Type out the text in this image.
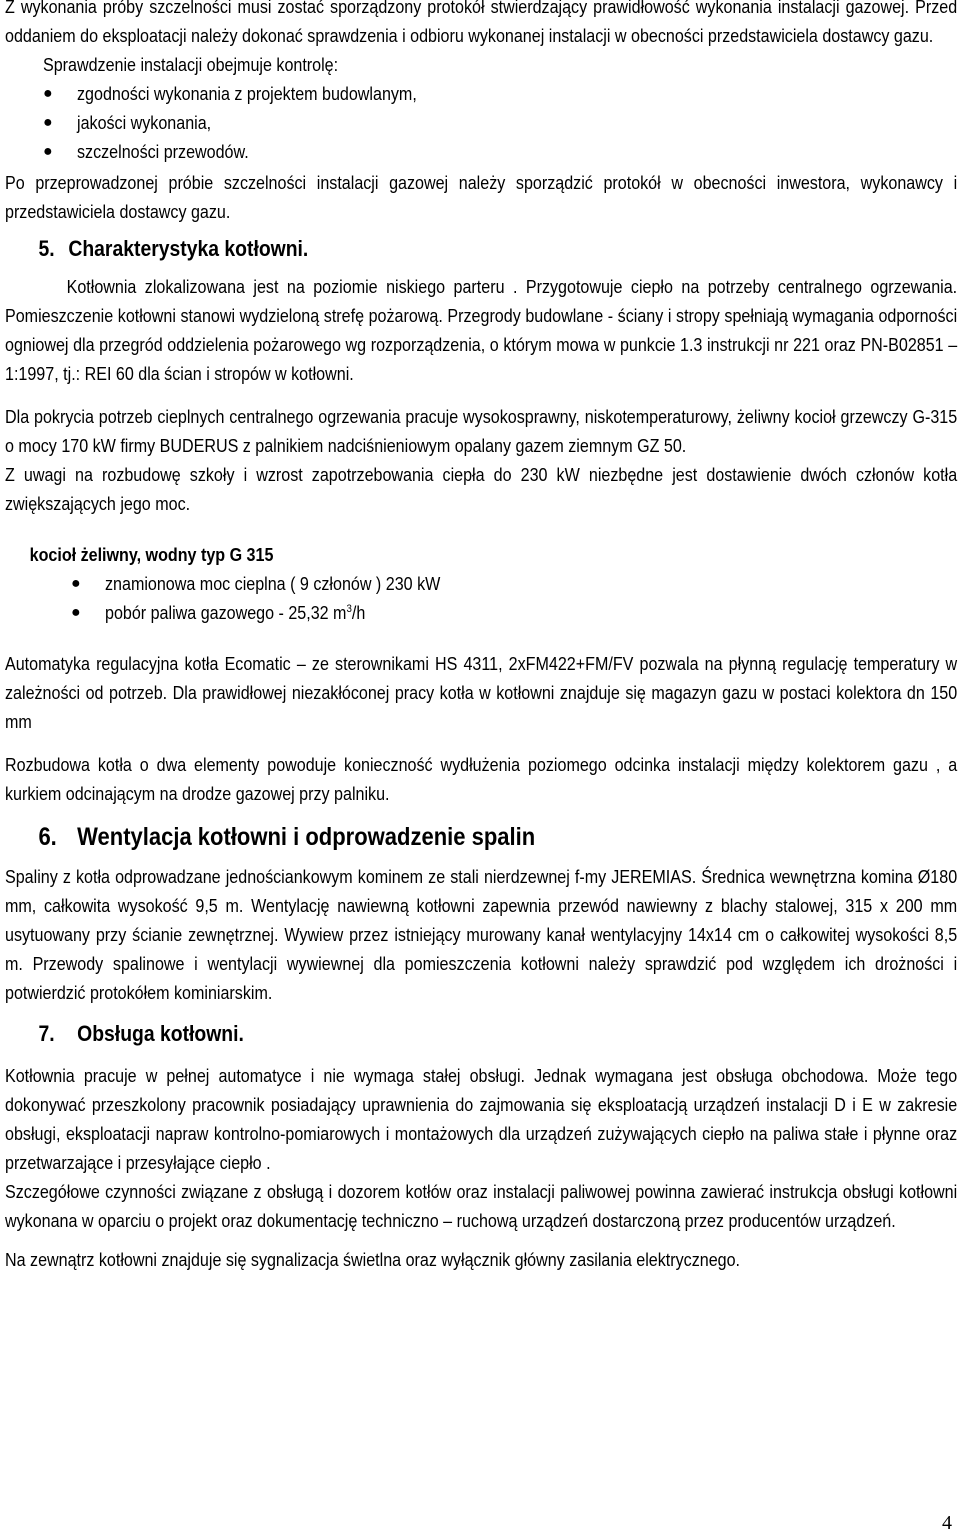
Z wykonania próby szczelności musi zostać sporządzony protokół stwierdzający prawidłowość wykonania instalacji gazowej. Przed oddaniem do eksploatacji należy dokonać sprawdzenia i odbioru wykonanej instalacji w obecności przedstawiciela dostawcy gazu.

Sprawdzenie instalacji obejmuje kontrolę:

● zgodności wykonania z projektem budowlanym,
● jakości wykonania,
● szczelności przewodów.

Po przeprowadzonej próbie szczelności instalacji gazowej należy sporządzić protokół w obecności inwestora, wykonawcy i przedstawiciela dostawcy gazu.

5. Charakterystyka kotłowni.

Kotłownia zlokalizowana jest na poziomie niskiego parteru . Przygotowuje ciepło na potrzeby centralnego ogrzewania. Pomieszczenie kotłowni stanowi wydzieloną strefę pożarową. Przegrody budowlane - ściany i stropy spełniają wymagania odporności ogniowej dla przegród oddzielenia pożarowego wg rozporządzenia, o którym mowa w punkcie 1.3 instrukcji nr 221 oraz PN-B02851 – 1:1997, tj.: REI 60 dla ścian i stropów w kotłowni.

Dla pokrycia potrzeb cieplnych centralnego ogrzewania pracuje wysokosprawny, niskotemperaturowy, żeliwny kocioł grzewczy G-315 o mocy 170 kW firmy BUDERUS z palnikiem nadciśnieniowym opalany gazem ziemnym GZ 50.

Z uwagi na rozbudowę szkoły i wzrost zapotrzebowania ciepła do 230 kW niezbędne jest dostawienie dwóch członów kotła zwiększających jego moc.

kocioł żeliwny, wodny typ G 315

● znamionowa moc cieplna ( 9 członów ) 230 kW
● pobór paliwa gazowego - 25,32 $m^3/h$

Automatyka regulacyjna kotła Ecomatic – ze sterownikami HS 4311, 2xFM422+FM/FV pozwala na płynną regulację temperatury w zależności od potrzeb. Dla prawidłowej niezakłóconej pracy kotła w kotłowni znajduje się magazyn gazu w postaci kolektora dn 150 mm

Rozbudowa kotła o dwa elementy powoduje konieczność wydłużenia poziomego odcinka instalacji między kolektorem gazu , a kurkiem odcinającym na drodze gazowej przy palniku.

6. Wentylacja kotłowni i odprowadzenie spalin

Spaliny z kotła odprowadzane jednościankowym kominem ze stali nierdzewnej f-my JEREMIAS. Średnica wewnętrzna komina Ø180 mm, całkowita wysokość 9,5 m. Wentylację nawiewną kotłowni zapewnia przewód nawiewny z blachy stalowej, 315 x 200 mm usytuowany przy ścianie zewnętrznej. Wywiew przez istniejący murowany kanał wentylacyjny 14x14 cm o całkowitej wysokości 8,5 m. Przewody spalinowe i wentylacji wywiewnej dla pomieszczenia kotłowni należy sprawdzić pod względem ich drożności i potwierdzić protokółem kominiarskim.

7. Obsługa kotłowni.

Kotłownia pracuje w pełnej automatyce i nie wymaga stałej obsługi. Jednak wymagana jest obsługa obchodowa. Może tego dokonywać przeszkolony pracownik posiadający uprawnienia do zajmowania się eksploatacją urządzeń instalacji D i E w zakresie obsługi, eksploatacji napraw kontrolno-pomiarowych i montażowych dla urządzeń zużywających ciepło na paliwa stałe i płynne oraz przetwarzające i przesyłające ciepło .

Szczegółowe czynności związane z obsługą i dozorem kotłów oraz instalacji paliwowej powinna zawierać instrukcja obsługi kotłowni wykonana w oparciu o projekt oraz dokumentację techniczno – ruchową urządzeń dostarczoną przez producentów urządzeń.

Na zewnątrz kotłowni znajduje się sygnalizacja świetlna oraz wyłącznik główny zasilania elektrycznego.

4
